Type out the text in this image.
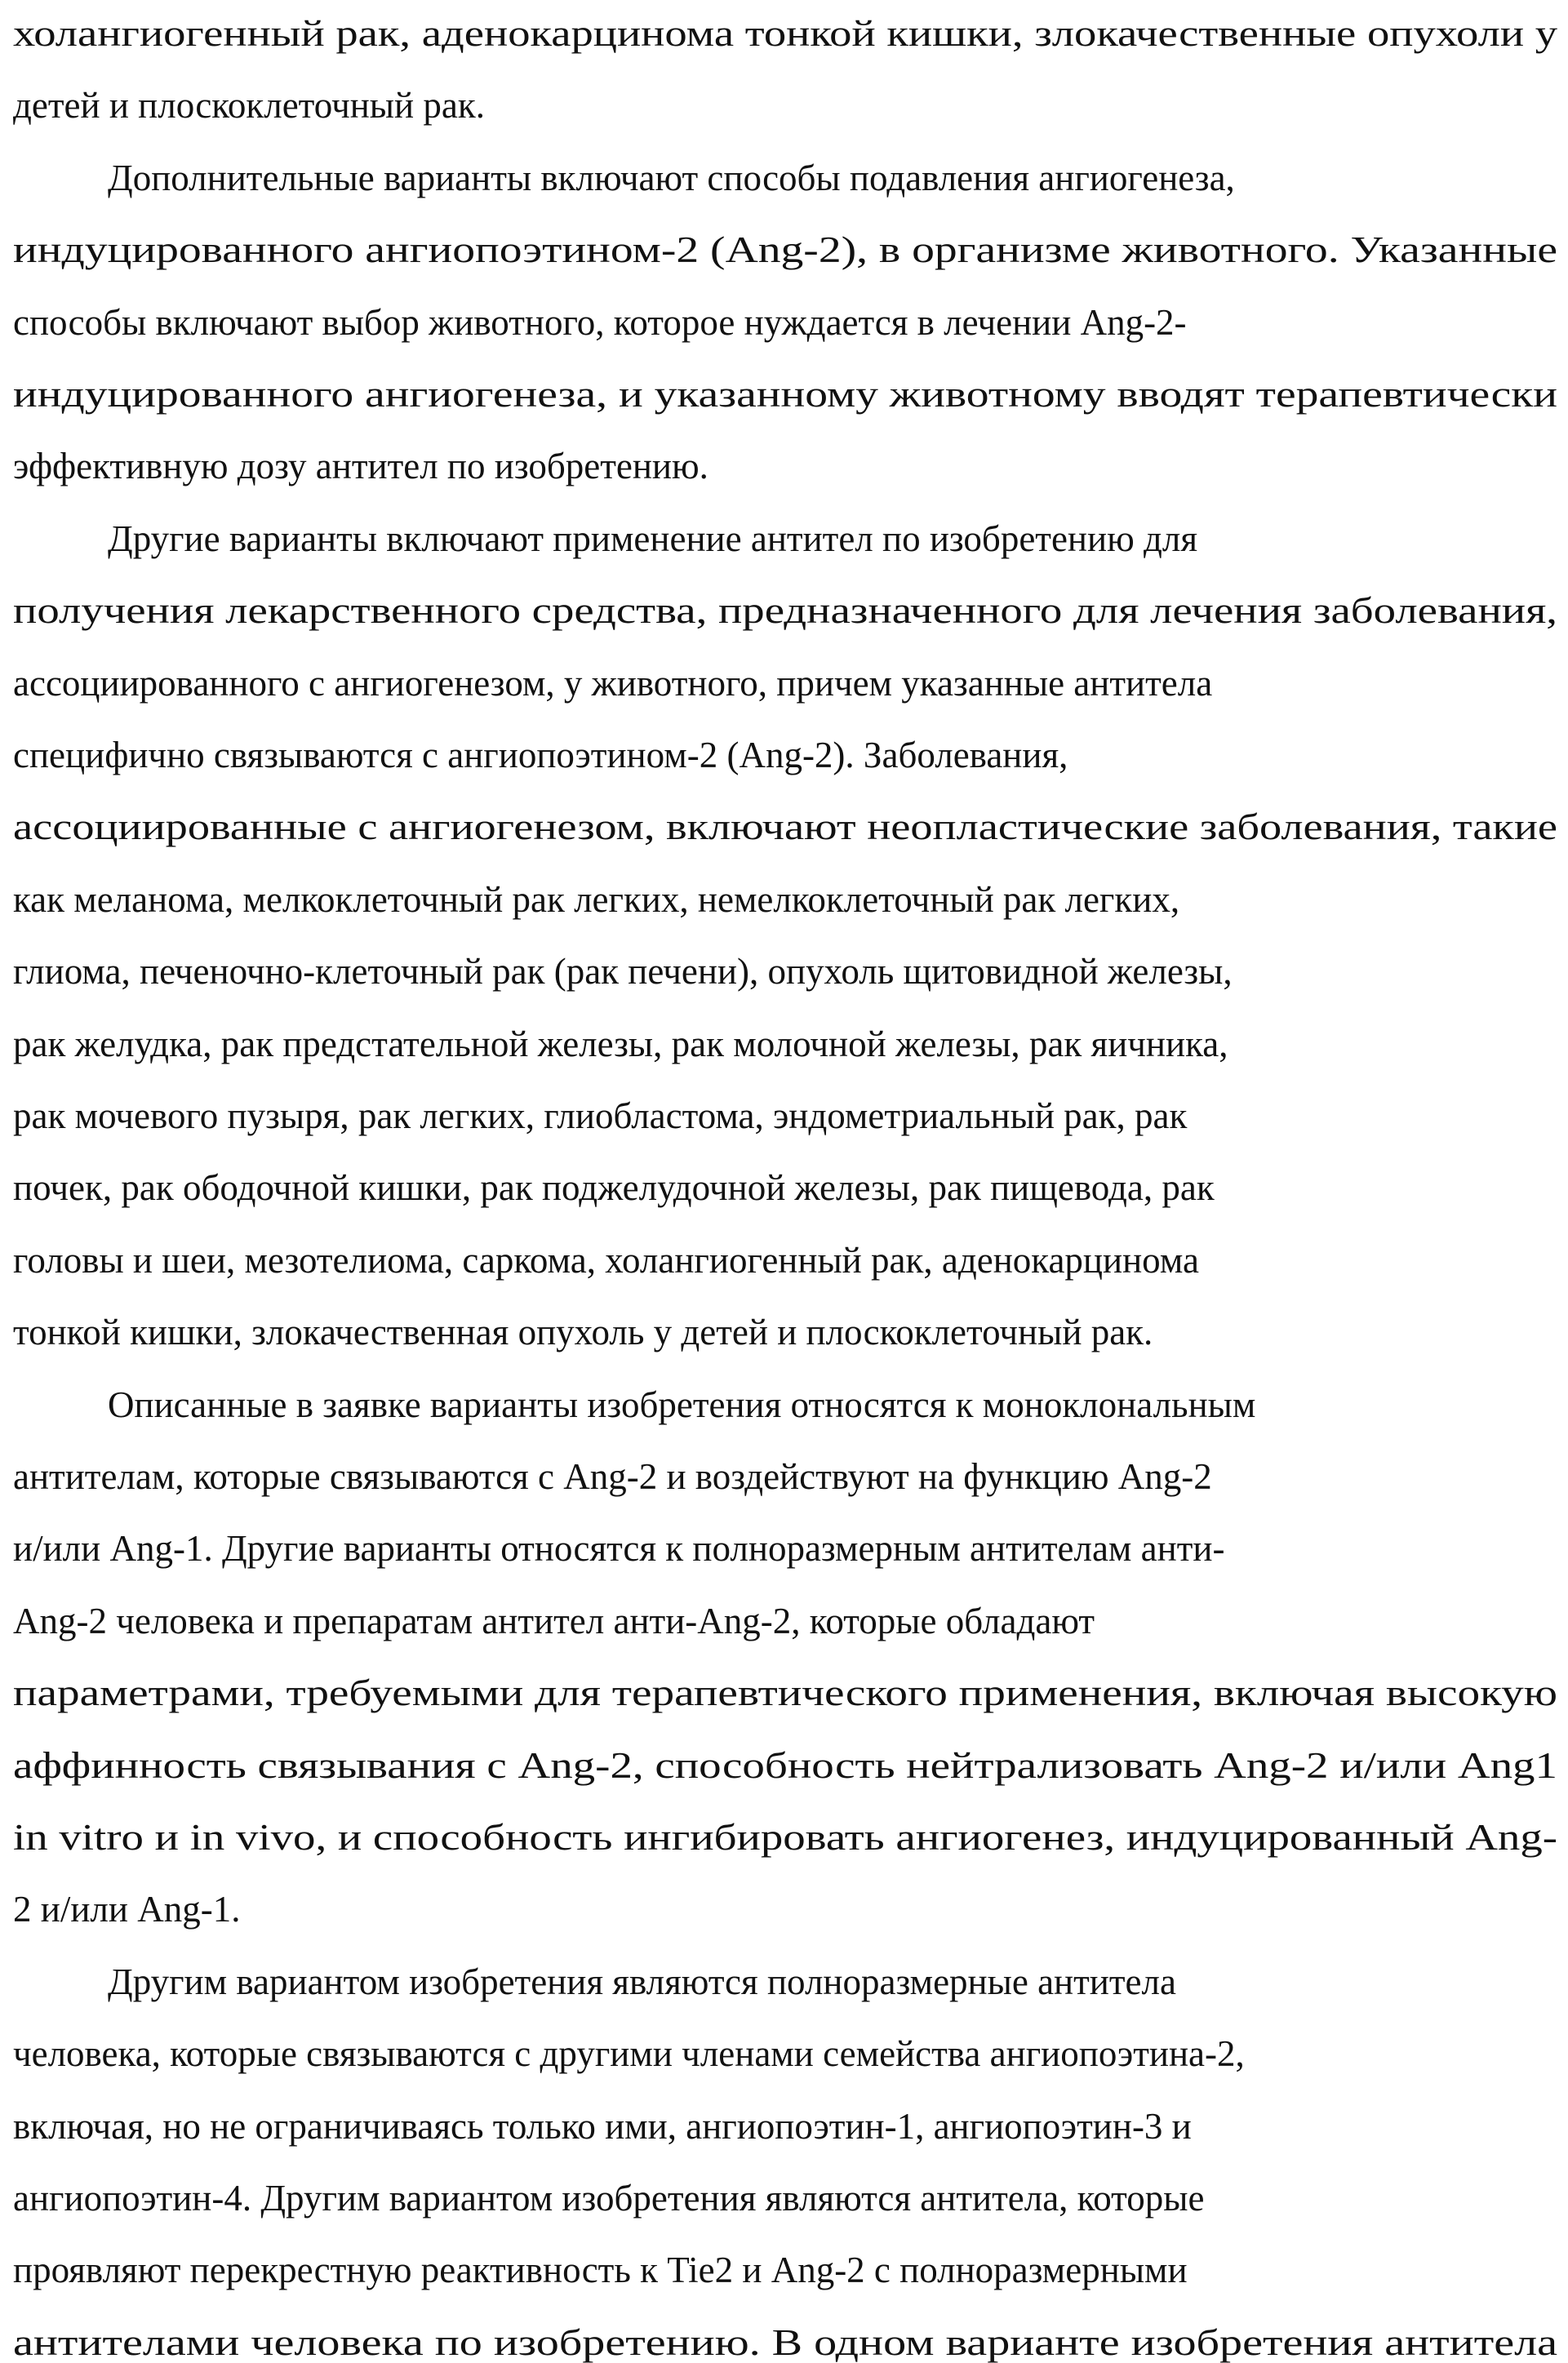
холангиогенный рак, аденокарцинома тонкой кишки, злокачественные опухоли у
детей и плоскоклеточный рак.
Дополнительные варианты включают способы подавления ангиогенеза,
индуцированного ангиопоэтином-2 (Ang-2), в организме животного. Указанные
способы включают выбор животного, которое нуждается в лечении Ang-2-
индуцированного ангиогенеза, и указанному животному вводят терапевтически
эффективную дозу антител по изобретению.
Другие варианты включают применение антител по изобретению для
получения лекарственного средства, предназначенного для лечения заболевания,
ассоциированного с ангиогенезом, у животного, причем указанные антитела
специфично связываются с ангиопоэтином-2 (Ang-2). Заболевания,
ассоциированные с ангиогенезом, включают неопластические заболевания, такие
как меланома, мелкоклеточный рак легких, немелкоклеточный рак легких,
глиома, печеночно-клеточный рак (рак печени), опухоль щитовидной железы,
рак желудка, рак предстательной железы, рак молочной железы, рак яичника,
рак мочевого пузыря, рак легких, глиобластома, эндометриальный рак, рак
почек, рак ободочной кишки, рак поджелудочной железы, рак пищевода, рак
головы и шеи, мезотелиома, саркома, холангиогенный рак, аденокарцинома
тонкой кишки, злокачественная опухоль у детей и плоскоклеточный рак.
Описанные в заявке варианты изобретения относятся к моноклональным
антителам, которые связываются с Ang-2 и воздействуют на функцию Ang-2
и/или Ang-1. Другие варианты относятся к полноразмерным антителам анти-
Ang-2 человека и препаратам антител анти-Ang-2, которые обладают
параметрами, требуемыми для терапевтического применения, включая высокую
аффинность связывания с Ang-2, способность нейтрализовать Ang-2 и/или Ang1
in vitro и in vivo, и способность ингибировать ангиогенез, индуцированный Ang-
2 и/или Ang-1.
Другим вариантом изобретения являются полноразмерные антитела
человека, которые связываются с другими членами семейства ангиопоэтина-2,
включая, но не ограничиваясь только ими, ангиопоэтин-1, ангиопоэтин-3 и
ангиопоэтин-4. Другим вариантом изобретения являются антитела, которые
проявляют перекрестную реактивность к Tie2 и Ang-2 с полноразмерными
антителами человека по изобретению. В одном варианте изобретения антитела
